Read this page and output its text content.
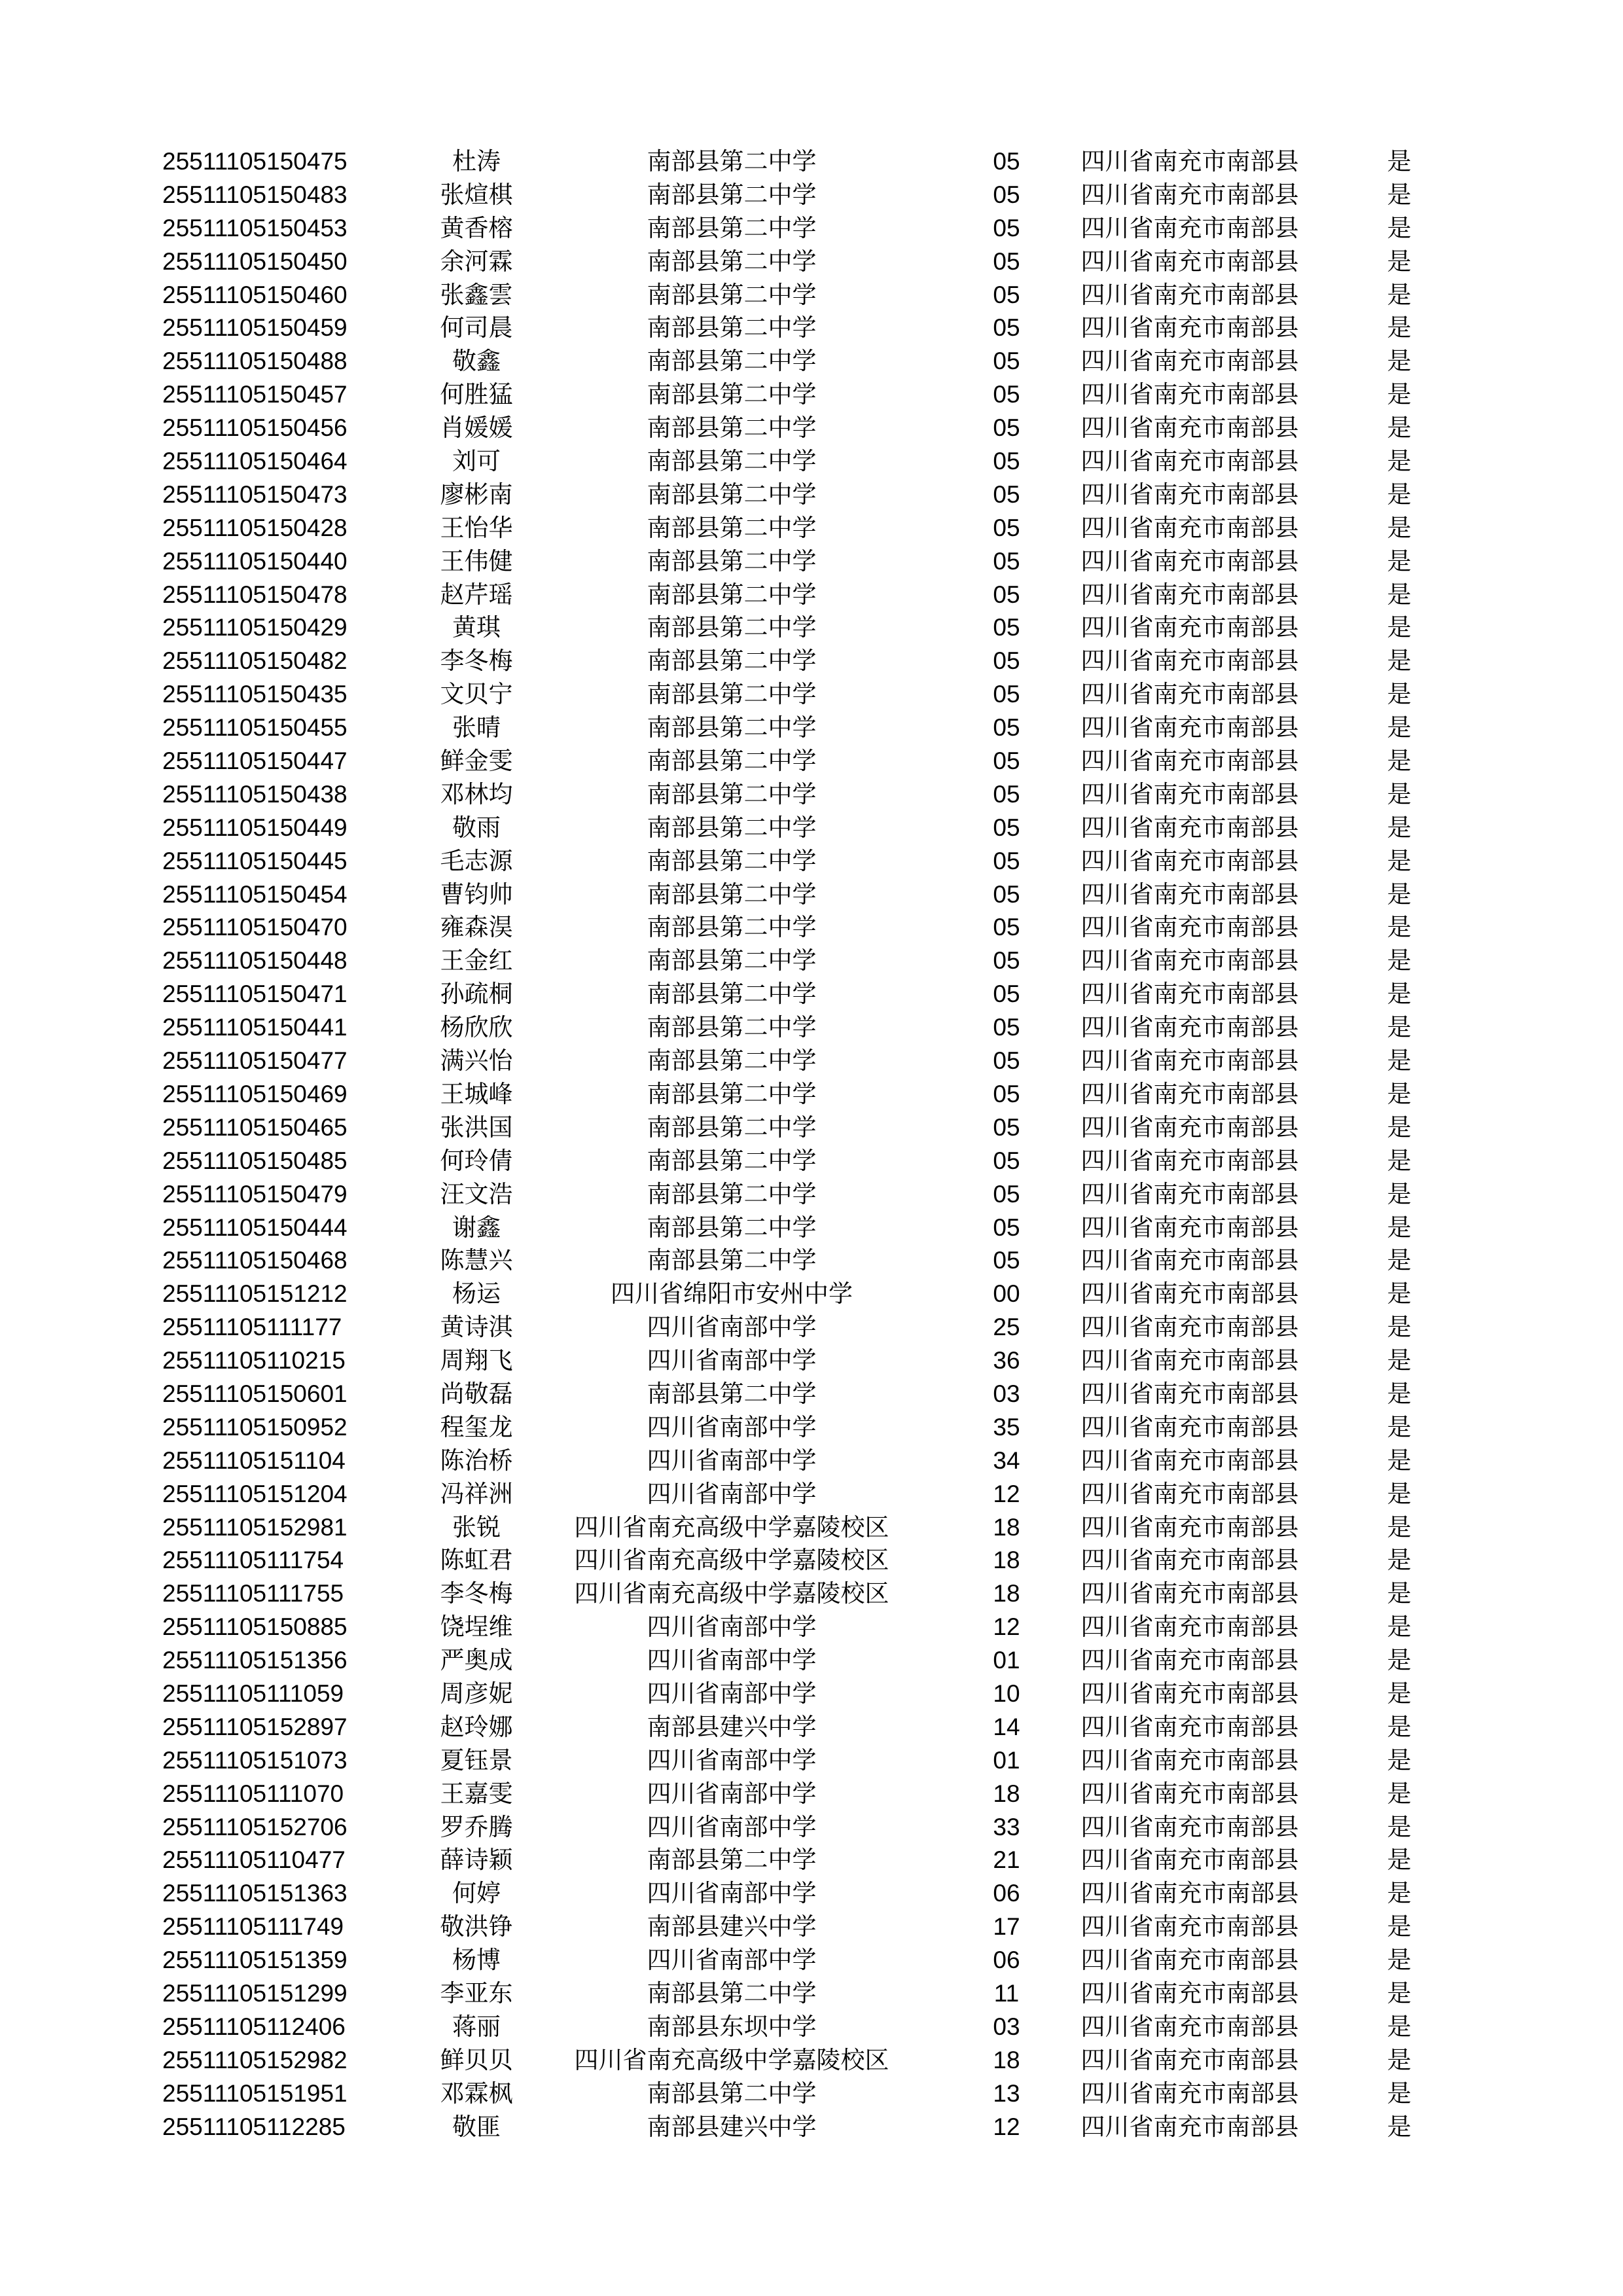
25511105150475	杜涛	南部县第二中学	05	四川省南充市南部县	是
25511105150483	张煊棋	南部县第二中学	05	四川省南充市南部县	是
25511105150453	黄香榕	南部县第二中学	05	四川省南充市南部县	是
25511105150450	余河霖	南部县第二中学	05	四川省南充市南部县	是
25511105150460	张鑫雲	南部县第二中学	05	四川省南充市南部县	是
25511105150459	何司晨	南部县第二中学	05	四川省南充市南部县	是
25511105150488	敬鑫	南部县第二中学	05	四川省南充市南部县	是
25511105150457	何胜猛	南部县第二中学	05	四川省南充市南部县	是
25511105150456	肖媛媛	南部县第二中学	05	四川省南充市南部县	是
25511105150464	刘可	南部县第二中学	05	四川省南充市南部县	是
25511105150473	廖彬南	南部县第二中学	05	四川省南充市南部县	是
25511105150428	王怡华	南部县第二中学	05	四川省南充市南部县	是
25511105150440	王伟健	南部县第二中学	05	四川省南充市南部县	是
25511105150478	赵芹瑶	南部县第二中学	05	四川省南充市南部县	是
25511105150429	黄琪	南部县第二中学	05	四川省南充市南部县	是
25511105150482	李冬梅	南部县第二中学	05	四川省南充市南部县	是
25511105150435	文贝宁	南部县第二中学	05	四川省南充市南部县	是
25511105150455	张晴	南部县第二中学	05	四川省南充市南部县	是
25511105150447	鲜金雯	南部县第二中学	05	四川省南充市南部县	是
25511105150438	邓林均	南部县第二中学	05	四川省南充市南部县	是
25511105150449	敬雨	南部县第二中学	05	四川省南充市南部县	是
25511105150445	毛志源	南部县第二中学	05	四川省南充市南部县	是
25511105150454	曹钧帅	南部县第二中学	05	四川省南充市南部县	是
25511105150470	雍森淏	南部县第二中学	05	四川省南充市南部县	是
25511105150448	王金红	南部县第二中学	05	四川省南充市南部县	是
25511105150471	孙疏桐	南部县第二中学	05	四川省南充市南部县	是
25511105150441	杨欣欣	南部县第二中学	05	四川省南充市南部县	是
25511105150477	满兴怡	南部县第二中学	05	四川省南充市南部县	是
25511105150469	王城峰	南部县第二中学	05	四川省南充市南部县	是
25511105150465	张洪国	南部县第二中学	05	四川省南充市南部县	是
25511105150485	何玲倩	南部县第二中学	05	四川省南充市南部县	是
25511105150479	汪文浩	南部县第二中学	05	四川省南充市南部县	是
25511105150444	谢鑫	南部县第二中学	05	四川省南充市南部县	是
25511105150468	陈慧兴	南部县第二中学	05	四川省南充市南部县	是
25511105151212	杨运	四川省绵阳市安州中学	00	四川省南充市南部县	是
25511105111177	黄诗淇	四川省南部中学	25	四川省南充市南部县	是
25511105110215	周翔飞	四川省南部中学	36	四川省南充市南部县	是
25511105150601	尚敬磊	南部县第二中学	03	四川省南充市南部县	是
25511105150952	程玺龙	四川省南部中学	35	四川省南充市南部县	是
25511105151104	陈治桥	四川省南部中学	34	四川省南充市南部县	是
25511105151204	冯祥洲	四川省南部中学	12	四川省南充市南部县	是
25511105152981	张锐	四川省南充高级中学嘉陵校区	18	四川省南充市南部县	是
25511105111754	陈虹君	四川省南充高级中学嘉陵校区	18	四川省南充市南部县	是
25511105111755	李冬梅	四川省南充高级中学嘉陵校区	18	四川省南充市南部县	是
25511105150885	饶埕维	四川省南部中学	12	四川省南充市南部县	是
25511105151356	严奥成	四川省南部中学	01	四川省南充市南部县	是
25511105111059	周彦妮	四川省南部中学	10	四川省南充市南部县	是
25511105152897	赵玲娜	南部县建兴中学	14	四川省南充市南部县	是
25511105151073	夏钰景	四川省南部中学	01	四川省南充市南部县	是
25511105111070	王嘉雯	四川省南部中学	18	四川省南充市南部县	是
25511105152706	罗乔腾	四川省南部中学	33	四川省南充市南部县	是
25511105110477	薛诗颖	南部县第二中学	21	四川省南充市南部县	是
25511105151363	何婷	四川省南部中学	06	四川省南充市南部县	是
25511105111749	敬洪铮	南部县建兴中学	17	四川省南充市南部县	是
25511105151359	杨博	四川省南部中学	06	四川省南充市南部县	是
25511105151299	李亚东	南部县第二中学	11	四川省南充市南部县	是
25511105112406	蒋丽	南部县东坝中学	03	四川省南充市南部县	是
25511105152982	鲜贝贝	四川省南充高级中学嘉陵校区	18	四川省南充市南部县	是
25511105151951	邓霖枫	南部县第二中学	13	四川省南充市南部县	是
25511105112285	敬匪	南部县建兴中学	12	四川省南充市南部县	是
